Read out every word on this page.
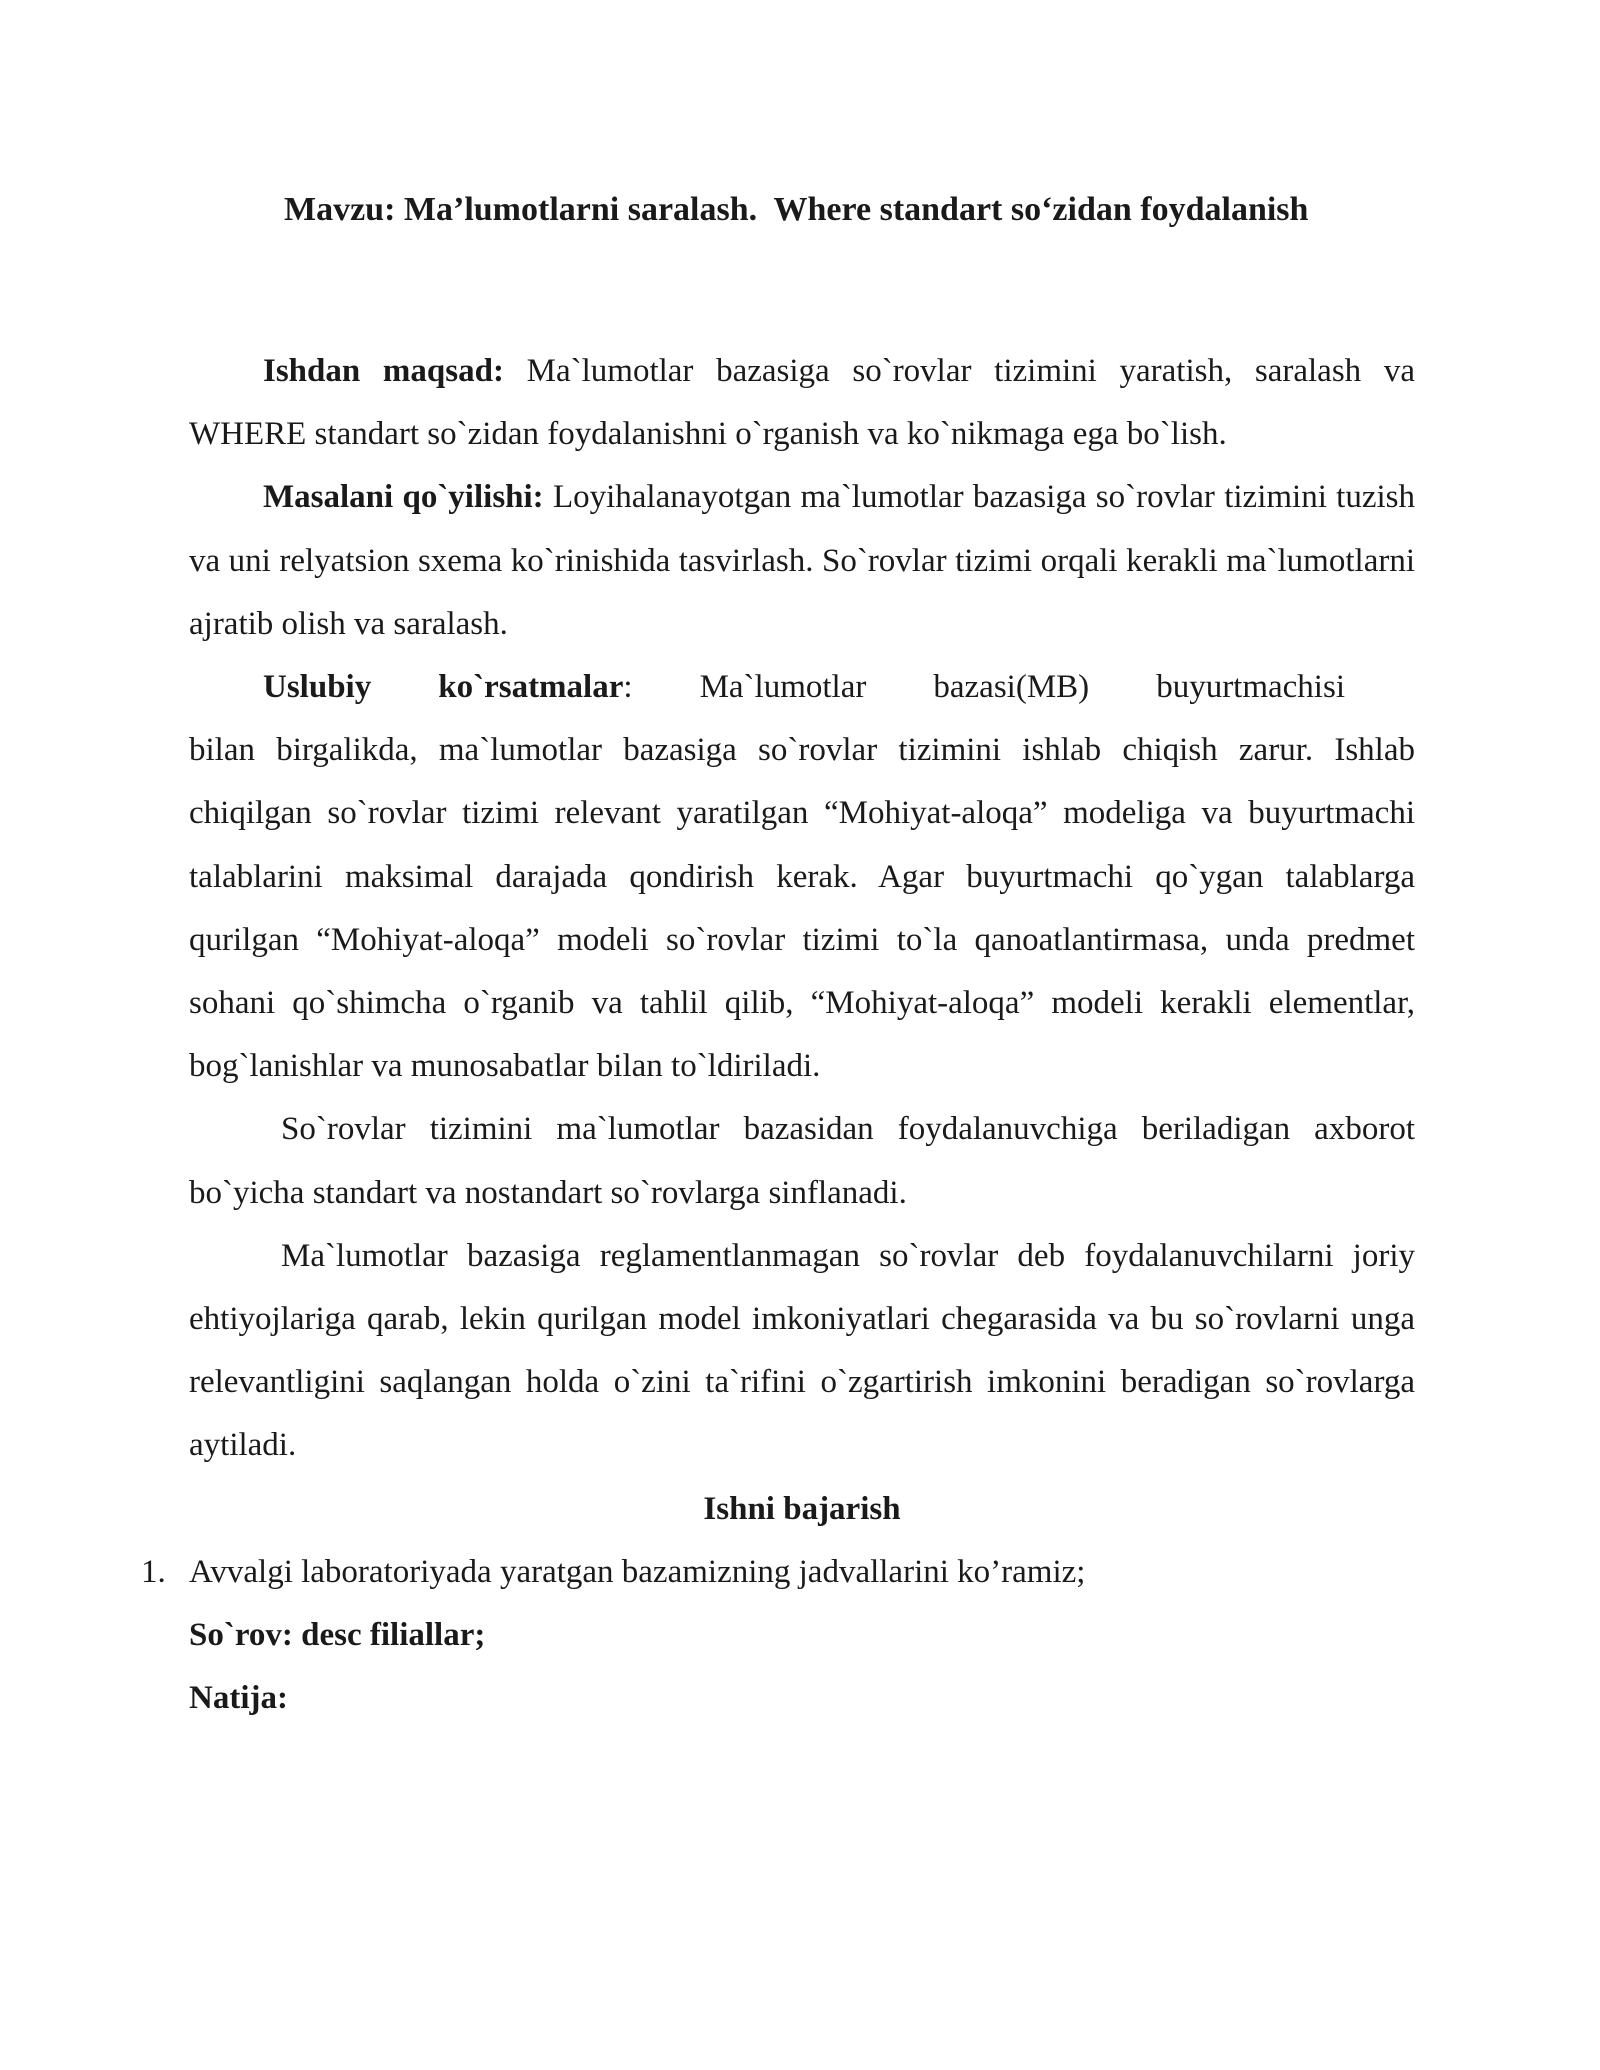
Mavzu: Ma’lumotlarni saralash.  Where standart so‘zidan foydalanish

Ishdan maqsad: Ma`lumotlar bazasiga so`rovlar tizimini yaratish, saralash va WHERE standart so`zidan foydalanishni o`rganish va ko`nikmaga ega bo`lish.

Masalani qo`yilishi: Loyihalanayotgan ma`lumotlar bazasiga so`rovlar tizimini tuzish va uni relyatsion sxema ko`rinishida tasvirlash. So`rovlar tizimi orqali kerakli ma`lumotlarni ajratib olish va saralash.

Uslubiy ko`rsatmalar: Ma`lumotlar bazasi(MB) buyurtmachisi

bilan birgalikda, ma`lumotlar bazasiga so`rovlar tizimini ishlab chiqish zarur. Ishlab chiqilgan so`rovlar tizimi relevant yaratilgan “Mohiyat-aloqa” modeliga va buyurtmachi talablarini maksimal darajada qondirish kerak. Agar buyurtmachi qo`ygan talablarga qurilgan “Mohiyat-aloqa” modeli so`rovlar tizimi to`la qanoatlantirmasa, unda predmet sohani qo`shimcha o`rganib va tahlil qilib, “Mohiyat-aloqa” modeli kerakli elementlar, bog`lanishlar va munosabatlar bilan to`ldiriladi.

So`rovlar tizimini ma`lumotlar bazasidan foydalanuvchiga beriladigan axborot bo`yicha standart va nostandart so`rovlarga sinflanadi.

Ma`lumotlar bazasiga reglamentlanmagan so`rovlar deb foydalanuvchilarni joriy ehtiyojlariga qarab, lekin qurilgan model imkoniyatlari chegarasida va bu so`rovlarni unga relevantligini saqlangan holda o`zini ta`rifini o`zgartirish imkonini beradigan so`rovlarga aytiladi.

Ishni bajarish

1. Avvalgi laboratoriyada yaratgan bazamizning jadvallarini ko’ramiz;

So`rov: desc filiallar;

Natija:
